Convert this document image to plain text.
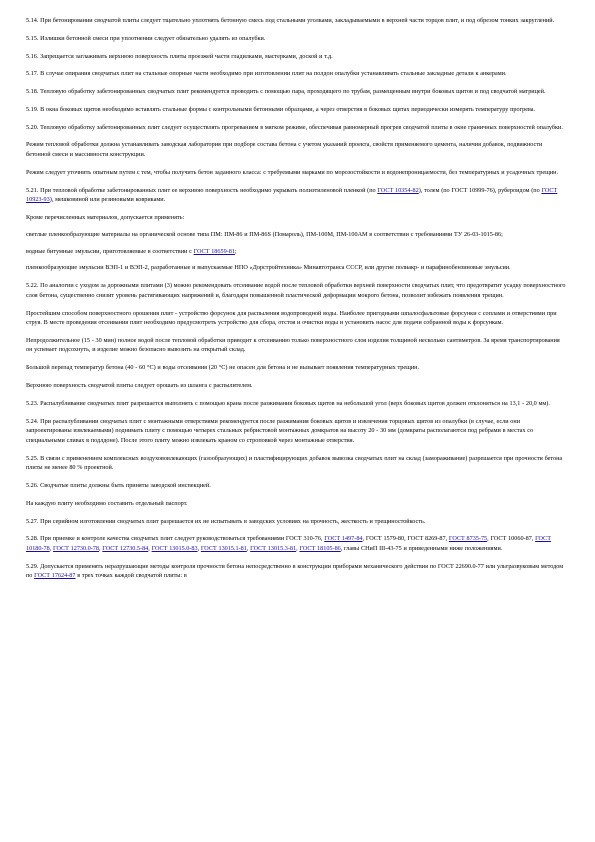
5.14. При бетонировании сводчатой плиты следует тщательно уплотнять бетонную смесь под стальными уголками, закладываемыми в верхней части торцов плит, и под обрезом тонких закруглений.

5.15. Излишки бетонной смеси при уплотнении следует обязательно удалять из опалубки.

5.16. Запрещается заглаживать верхнюю поверхность плиты проезжей части гладилками, мастерками, доской и т.д.

5.17. В случае опирания сводчатых плит на стальные опорные части необходимо при изготовлении плит на полдон опалубки устанавливать стальные закладные детали к анкерами.

5.18. Тепловую обработку забетонированных сводчатых плит рекомендуется проводить с помощью пара, проходящего по трубам, размещенным внутри боковых щитов и под сводчатой матрицей.

5.19. В окна боковых щитов необходимо вставлять стальные формы с контрольными бетонными образцами, а через отверстия в боковых щитах периодически измерять температуру прогрева.

5.20. Тепловую обработку забетонированных плит следует осуществлять прогреванием в мягком режиме, обеспечивая равномерный прогрев сводчатой плиты в окне граничных поверхностей опалубки.

Режим тепловой обработки должна устанавливать заводская лаборатория при подборе состава бетона с учетом указаний проекта, свойств применяемого цемента, наличия добавок, подвижности бетонной смеси и массивности конструкции.

Режим следует уточнить опытным путем с тем, чтобы получить бетон заданного класса: с требуемыми марками по морозостойкости и водонепроницаемости, без температурных и усадочных трещин.

5.21. При тепловой обработке забетонированных плит ее верхнюю поверхность необходимо укрывать полиэтиленовой пленкой (по ГОСТ 10354-82), толем (по ГОСТ 10999-76), рубероидом (по ГОСТ 10923-93), мешковиной или резиновыми ковриками.

Кроме перечисленных материалов, допускается применять:

светлые пленкообразующие материалы на органической основе типа ПМ: ПМ-86 и ПМ-86S (Помароль), ПМ-100М, ПМ-100АМ в соответствии с требованиями ТУ 26-03-1015-86;

водные битумные эмульсии, приготовляемые в соответствии с ГОСТ 18659-81;

пленкообразующие эмульсии ВЭП-1 и ВЭП-2, разработанные и выпускаемые НПО «Дорстройтехника» Минавтотранса СССР, или другие полиакр- и парафинобензиновые эмульсии.

5.22. По аналогии с уходом за дорожными плитами (3) можно рекомендовать отсеивание водой после тепловой обработки верхней поверхности сводчатых плит, что предотвратит усадку поверхностного слоя бетона, существенно снизит уровень растягивающих напряжений и, благодаря повышенной пластической деформации мокрого бетона, позволит избежать появления трещин.

Простейшим способом поверхностного орошения плит - устройство форсунок для распыления водопроводной воды. Наиболее пригодными шпалосфальтовые форсунки с соплами и отверстиями при струя. В месте проведения отсеивания плит необходимо предусмотреть устройство для сбора, отстоя и очистки воды и установить насос для подачи собранной воды к форсункам.

Непродолжительное (15 - 30 мин) полное водой после тепловой обработки приводит к отсеиванию только поверхностного слоя изделия толщиной несколько сантиметров. За время транспортирования он успевает подсохнуть, и изделие можно безопасно вывозить на открытый склад.

Большой перепад температур бетона (40 - 60 °С) и воды отсеивания (20 °С) не опасен для бетона и не вызывает появления температурных трещин.

Верхнюю поверхность сводчатой плиты следует орошать из шланга с распылителем.

5.23. Распалубливание сводчатых плит разрешается выполнять с помощью крана после разжимания боковых щитов на небольшой угол (верх боковых щитов должен отклоняться на 13,1 - 20,0 мм).

5.24. При распалубливании сводчатых плит с монтажными отверстиями рекомендуется после разжимания боковых щитов и извлечения торцовых щитов из опалубки (в случае, если они запроектированы извлекаемыми) поднимать плиту с помощью четырех стальных ребристовой монтажных домкратов на высоту 20 - 30 мм (домкраты располагаются под ребрами в местах со специальными сливах в подлдоне). После этого плиту можно извлекать краном со строповкой через монтажные отверстия.

5.25. В связи с применением комплексных воздухововлекающих (газообразующих) и пластифицирующих добавок вывозка сводчатых плит на склад (замораживание) разрешается при прочности бетона плиты не менее 80 % проектной.

5.26. Сводчатые плиты должны быть приняты заводской инспекцией.

На каждую плиту необходимо составить отдельный паспорт.

5.27. При серийном изготовлении сводчатых плит разрешается их не испытывать в заводских условиях на прочность, жесткость и трещиностойкость.

5.28. При приемке и контроле качества сводчатых плит следует руководствоваться требованиями ГОСТ 310-76, ГОСТ 1497-84, ГОСТ 1579-80, ГОСТ 8269-87, ГОСТ 8735-75, ГОСТ 10060-87, ГОСТ 10180-78, ГОСТ 12730.0-78, ГОСТ 12730.5-84, ГОСТ 13015.0-83, ГОСТ 13015.1-81, ГОСТ 13015.3-81, ГОСТ 18105-86, главы СНиП III-43-75 и приведенными ниже положениями.

5.29. Допускается применять неразрушающие методы контроля прочности бетона непосредственно в конструкции приборами механического действия по ГОСТ 22690.0-77 или ультразвуковым методом по ГОСТ 17624-87 в трех точках каждой сводчатой плиты: в
